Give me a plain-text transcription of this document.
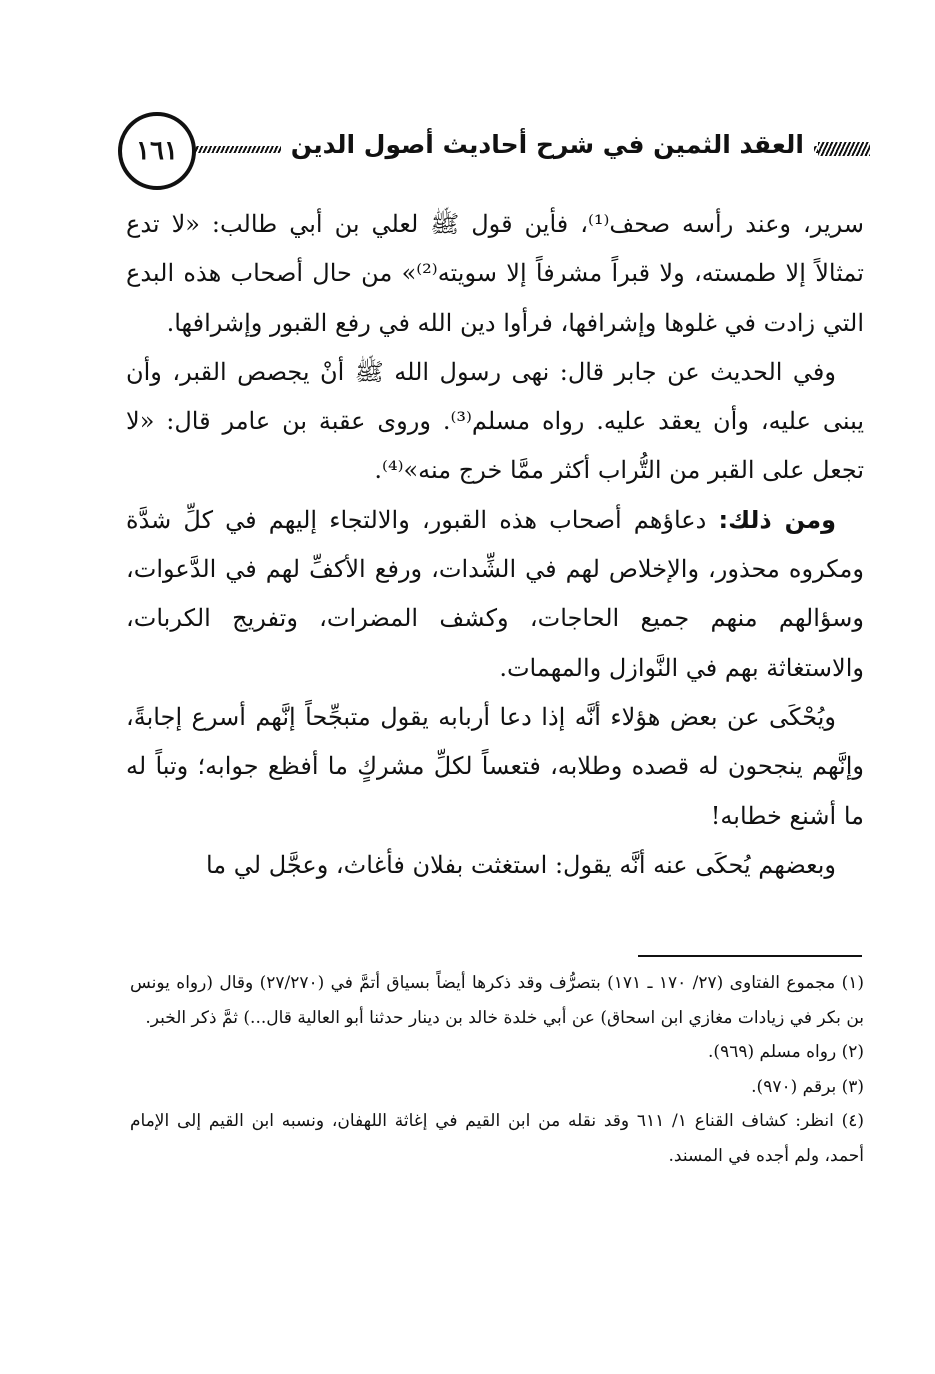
١٦١	العقد الثمين في شرح أحاديث أصول الدين

سرير، وعند رأسه صحف⁽¹⁾، فأين قول ﷺ لعلي بن أبي طالب: «لا تدع تمثالاً إلا طمسته، ولا قبراً مشرفاً إلا سويته⁽²⁾» من حال أصحاب هذه البدع التي زادت في غلوها وإشرافها، فرأوا دين الله في رفع القبور وإشرافها.

وفي الحديث عن جابر قال: نهى رسول الله ﷺ أنْ يجصص القبر، وأن يبنى عليه، وأن يعقد عليه. رواه مسلم⁽³⁾. وروى عقبة بن عامر قال: «لا تجعل على القبر من التُّراب أكثر ممَّا خرج منه»⁽⁴⁾.

ومن ذلك: دعاؤهم أصحاب هذه القبور، والالتجاء إليهم في كلِّ شدَّة ومكروه محذور، والإخلاص لهم في الشِّدات، ورفع الأكفِّ لهم في الدَّعوات، وسؤالهم منهم جميع الحاجات، وكشف المضرات، وتفريج الكربات، والاستغاثة بهم في النَّوازل والمهمات.

ويُحْكَى عن بعض هؤلاء أنَّه إذا دعا أربابه يقول متبجِّحاً إنَّهم أسرع إجابةً، وإنَّهم ينجحون له قصده وطلابه، فتعساً لكلِّ مشركٍ ما أفظع جوابه؛ وتباً له ما أشنع خطابه!

وبعضهم يُحكَى عنه أنَّه يقول: استغثت بفلان فأغاث، وعجَّل لي ما

(١) مجموع الفتاوى (٢٧/ ١٧٠ ـ ١٧١) بتصرُّف وقد ذكرها أيضاً بسياق أتمَّ في (٢٧/٢٧٠) وقال (رواه يونس بن بكر في زيادات مغازي ابن اسحاق) عن أبي خلدة خالد بن دينار حدثنا أبو العالية قال...) ثمَّ ذكر الخبر.

(٢) رواه مسلم (٩٦٩).

(٣) برقم (٩٧٠).

(٤) انظر: كشاف القناع ١/ ٦١١ وقد نقله من ابن القيم في إغاثة اللهفان، ونسبه ابن القيم إلى الإمام أحمد، ولم أجده في المسند.
